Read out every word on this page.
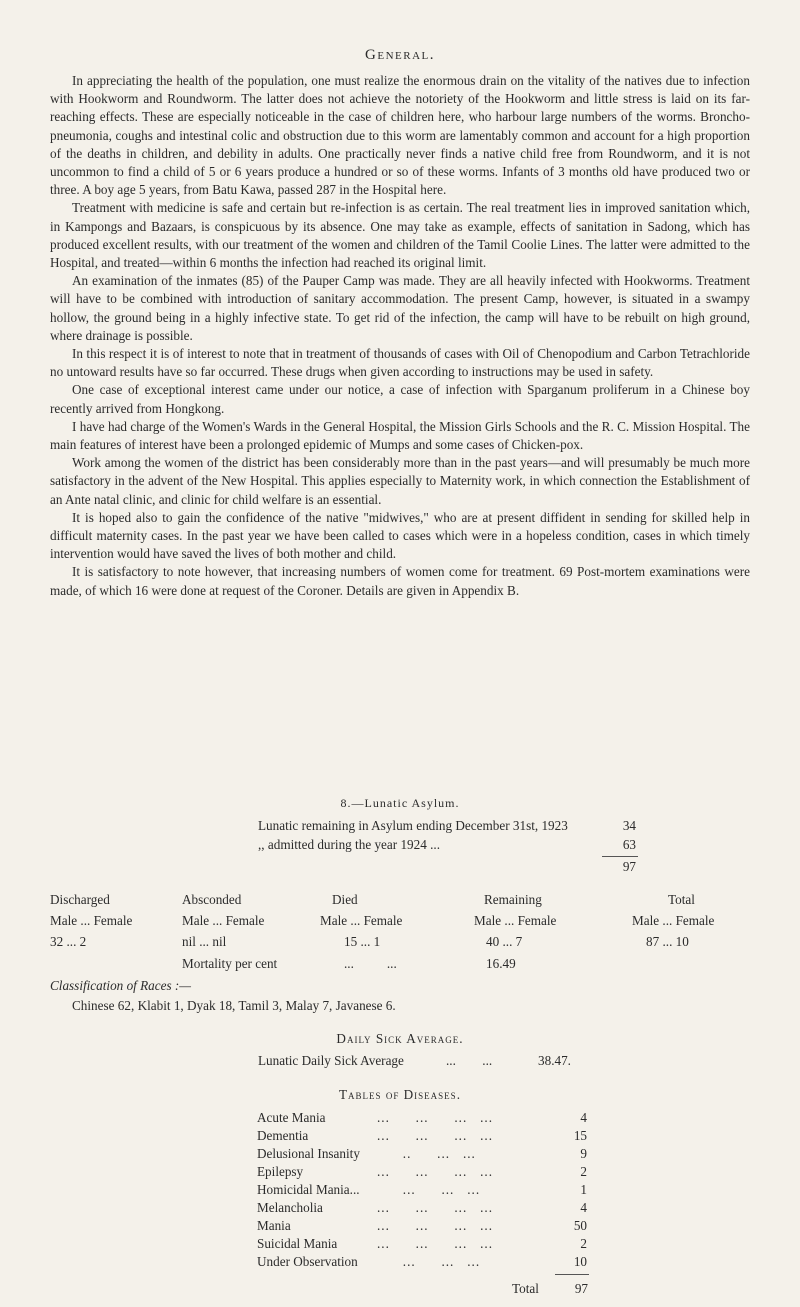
General.

In appreciating the health of the population, one must realize the enormous drain on the vitality of the natives due to infection with Hookworm and Roundworm. The latter does not achieve the notoriety of the Hookworm and little stress is laid on its far-reaching effects. These are especially noticeable in the case of children here, who harbour large numbers of the worms. Broncho-pneumonia, coughs and intestinal colic and obstruction due to this worm are lamentably common and account for a high proportion of the deaths in children, and debility in adults. One practically never finds a native child free from Roundworm, and it is not uncommon to find a child of 5 or 6 years produce a hundred or so of these worms. Infants of 3 months old have produced two or three. A boy age 5 years, from Batu Kawa, passed 287 in the Hospital here.

Treatment with medicine is safe and certain but re-infection is as certain. The real treatment lies in improved sanitation which, in Kampongs and Bazaars, is conspicuous by its absence. One may take as example, effects of sanitation in Sadong, which has produced excellent results, with our treatment of the women and children of the Tamil Coolie Lines. The latter were admitted to the Hospital, and treated—within 6 months the infection had reached its original limit.

An examination of the inmates (85) of the Pauper Camp was made. They are all heavily infected with Hookworms. Treatment will have to be combined with introduction of sanitary accommodation. The present Camp, however, is situated in a swampy hollow, the ground being in a highly infective state. To get rid of the infection, the camp will have to be rebuilt on high ground, where drainage is possible.

In this respect it is of interest to note that in treatment of thousands of cases with Oil of Chenopodium and Carbon Tetrachloride no untoward results have so far occurred. These drugs when given according to instructions may be used in safety.

One case of exceptional interest came under our notice, a case of infection with Sparganum proliferum in a Chinese boy recently arrived from Hongkong.

I have had charge of the Women's Wards in the General Hospital, the Mission Girls Schools and the R. C. Mission Hospital. The main features of interest have been a prolonged epidemic of Mumps and some cases of Chicken-pox.

Work among the women of the district has been considerably more than in the past years—and will presumably be much more satisfactory in the advent of the New Hospital. This applies especially to Maternity work, in which connection the Establishment of an Ante natal clinic, and clinic for child welfare is an essential.

It is hoped also to gain the confidence of the native "midwives," who are at present diffident in sending for skilled help in difficult maternity cases. In the past year we have been called to cases which were in a hopeless condition, cases in which timely intervention would have saved the lives of both mother and child.

It is satisfactory to note however, that increasing numbers of women come for treatment. 69 Post-mortem examinations were made, of which 16 were done at request of the Coroner. Details are given in Appendix B.

8.—Lunatic Asylum.
Lunatic remaining in Asylum ending December 31st, 1923	34
,, admitted during the year 1924 ...	63
97
Discharged	Absconded	Died	Remaining	Total
Male ... Female	Male ... Female	Male ... Female	Male ... Female	Male ... Female
32 ... 2	nil ... nil	15 ... 1	40 ... 7	87 ... 10
Mortality per cent	...          ...	16.49
Classification of Races :—
Chinese 62, Klabit 1, Dyak 18, Tamil 3, Malay 7, Javanese 6.
Daily Sick Average.
Lunatic Daily Sick Average	...        ...	38.47.
Tables of Diseases.
Acute Mania	...      ...      ...   ...	4
Dementia	...      ...      ...   ...	15
Delusional Insanity ..      ...   ...	9
Epilepsy	...      ...      ...   ...	2
Homicidal Mania... ...      ...   ...	1
Melancholia	...      ...      ...   ...	4
Mania	...      ...      ...   ...	50
Suicidal Mania	...      ...      ...   ...	2
Under Observation ...      ...   ...	10
Total	97
